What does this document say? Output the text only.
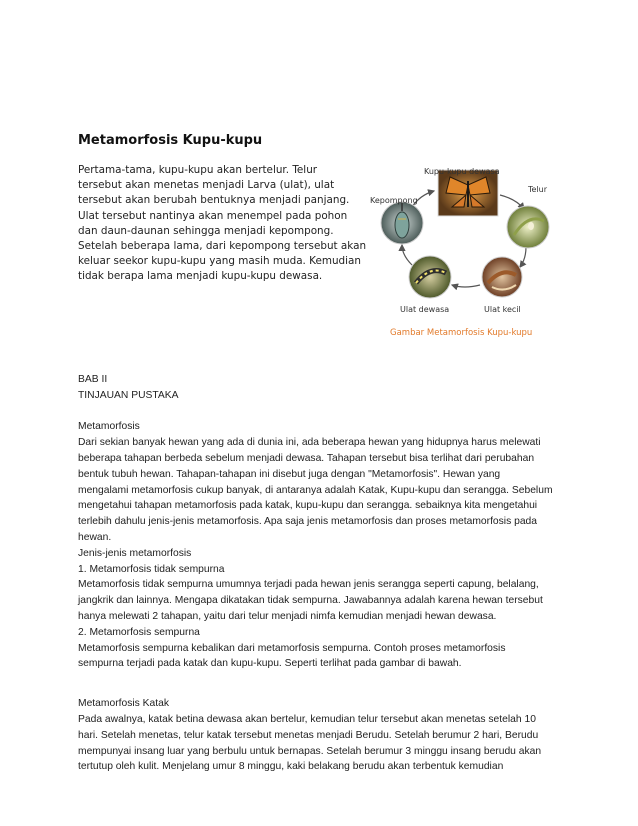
Metamorfosis Kupu-kupu

Pertama-tama, kupu-kupu akan bertelur. Telur

tersebut akan menetas menjadi Larva (ulat), ulat

tersebut akan berubah bentuknya menjadi panjang.

Ulat tersebut nantinya akan menempel pada pohon

dan daun-daunan sehingga menjadi kepompong.

Setelah beberapa lama, dari kepompong tersebut akan

keluar seekor kupu-kupu yang masih muda. Kemudian

tidak berapa lama menjadi kupu-kupu dewasa.

Kupu-kupu dewasa
Telur
Kepompong
Ulat dewasa	Ulat kecil
Gambar Metamorfosis Kupu-kupu

BAB II

TINJAUAN PUSTAKA

Metamorfosis

Dari sekian banyak hewan yang ada di dunia ini, ada beberapa hewan yang hidupnya harus melewati

beberapa tahapan berbeda sebelum menjadi dewasa. Tahapan tersebut bisa terlihat dari perubahan

bentuk tubuh hewan. Tahapan-tahapan ini disebut juga dengan "Metamorfosis". Hewan yang

mengalami metamorfosis cukup banyak, di antaranya adalah Katak, Kupu-kupu dan serangga. Sebelum

mengetahui tahapan metamorfosis pada katak, kupu-kupu dan serangga. sebaiknya kita mengetahui

terlebih dahulu jenis-jenis metamorfosis. Apa saja jenis metamorfosis dan proses metamorfosis pada

hewan.

Jenis-jenis metamorfosis

1. Metamorfosis tidak sempurna

Metamorfosis tidak sempurna umumnya terjadi pada hewan jenis serangga seperti capung, belalang,

jangkrik dan lainnya. Mengapa dikatakan tidak sempurna. Jawabannya adalah karena hewan tersebut

hanya melewati 2 tahapan, yaitu dari telur menjadi nimfa kemudian menjadi hewan dewasa.

2. Metamorfosis sempurna

Metamorfosis sempurna kebalikan dari metamorfosis sempurna. Contoh proses metamorfosis

sempurna terjadi pada katak dan kupu-kupu. Seperti terlihat pada gambar di bawah.

Metamorfosis Katak

Pada awalnya, katak betina dewasa akan bertelur, kemudian telur tersebut akan menetas setelah 10

hari. Setelah menetas, telur katak tersebut menetas menjadi Berudu. Setelah berumur 2 hari, Berudu

mempunyai insang luar yang berbulu untuk bernapas. Setelah berumur 3 minggu insang berudu akan

tertutup oleh kulit. Menjelang umur 8 minggu, kaki belakang berudu akan terbentuk kemudian
